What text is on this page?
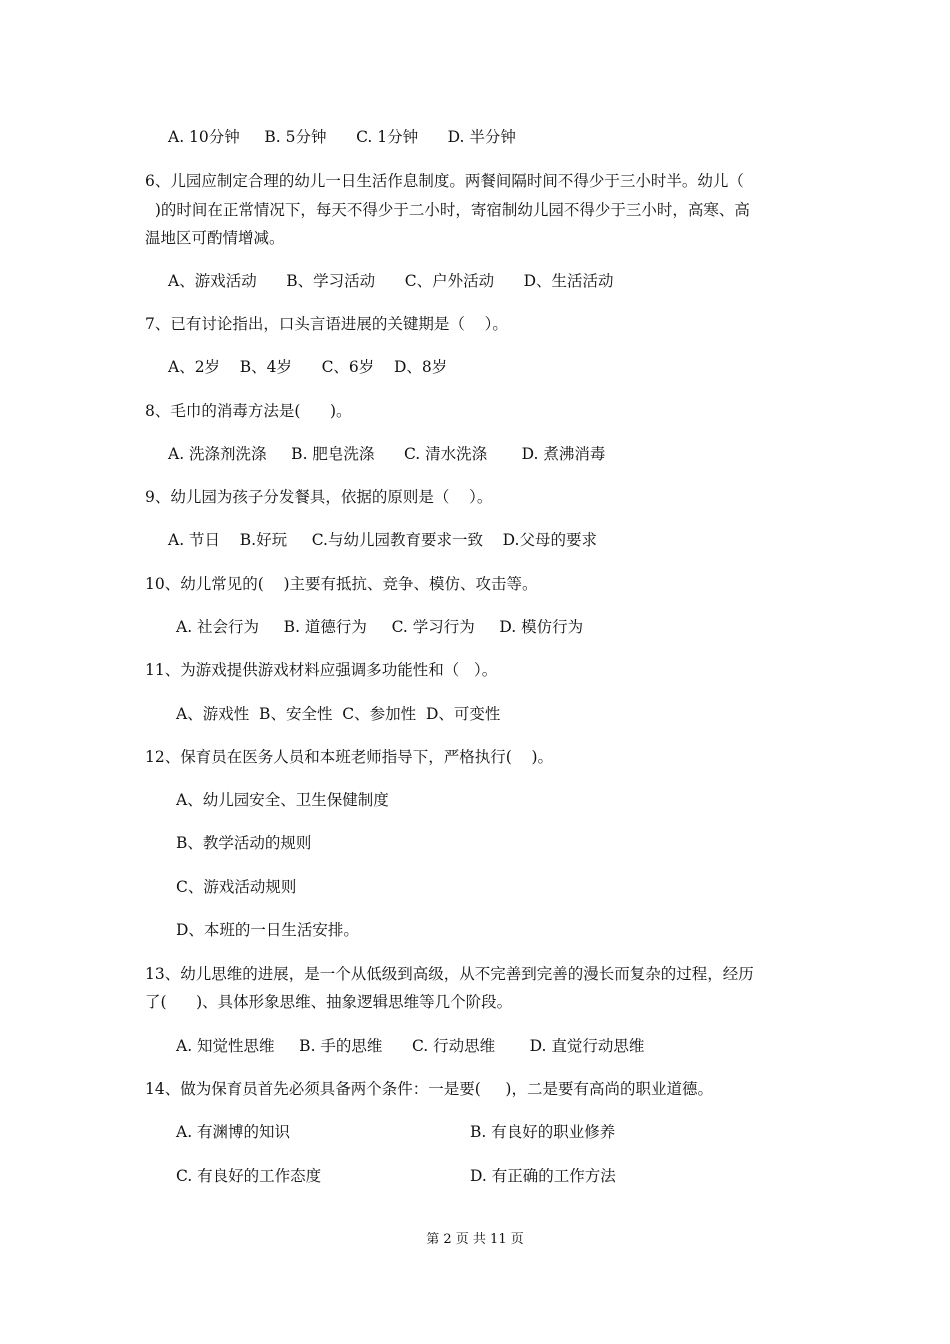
A. 10分钟     B. 5分钟      C. 1分钟      D. 半分钟
6、儿园应制定合理的幼儿一日生活作息制度。两餐间隔时间不得少于三小时半。幼儿（
)的时间在正常情况下，每天不得少于二小时，寄宿制幼儿园不得少于三小时，高寒、高
温地区可酌情增减。
A、游戏活动      B、学习活动      C、户外活动      D、生活活动
7、已有讨论指出，口头言语进展的关键期是（    ）。
A、2岁    B、4岁      C、6岁    D、8岁
8、毛巾的消毒方法是(      )。
A. 洗涤剂洗涤     B. 肥皂洗涤      C. 清水洗涤       D. 煮沸消毒
9、幼儿园为孩子分发餐具，依据的原则是（    ）。
A. 节日    B.好玩     C.与幼儿园教育要求一致    D.父母的要求
10、幼儿常见的(    )主要有抵抗、竞争、模仿、攻击等。
A. 社会行为     B. 道德行为     C. 学习行为     D. 模仿行为
11、为游戏提供游戏材料应强调多功能性和（   ）。
A、游戏性  B、安全性  C、参加性  D、可变性
12、保育员在医务人员和本班老师指导下，严格执行(    )。
A、幼儿园安全、卫生保健制度
B、教学活动的规则
C、游戏活动规则
D、本班的一日生活安排。
13、幼儿思维的进展，是一个从低级到高级，从不完善到完善的漫长而复杂的过程，经历
了(      )、具体形象思维、抽象逻辑思维等几个阶段。
A. 知觉性思维     B. 手的思维      C. 行动思维       D. 直觉行动思维
14、做为保育员首先必须具备两个条件：一是要(     )，二是要有高尚的职业道德。
A. 有渊博的知识	B. 有良好的职业修养
C. 有良好的工作态度	D. 有正确的工作方法
第 2 页 共 11 页
